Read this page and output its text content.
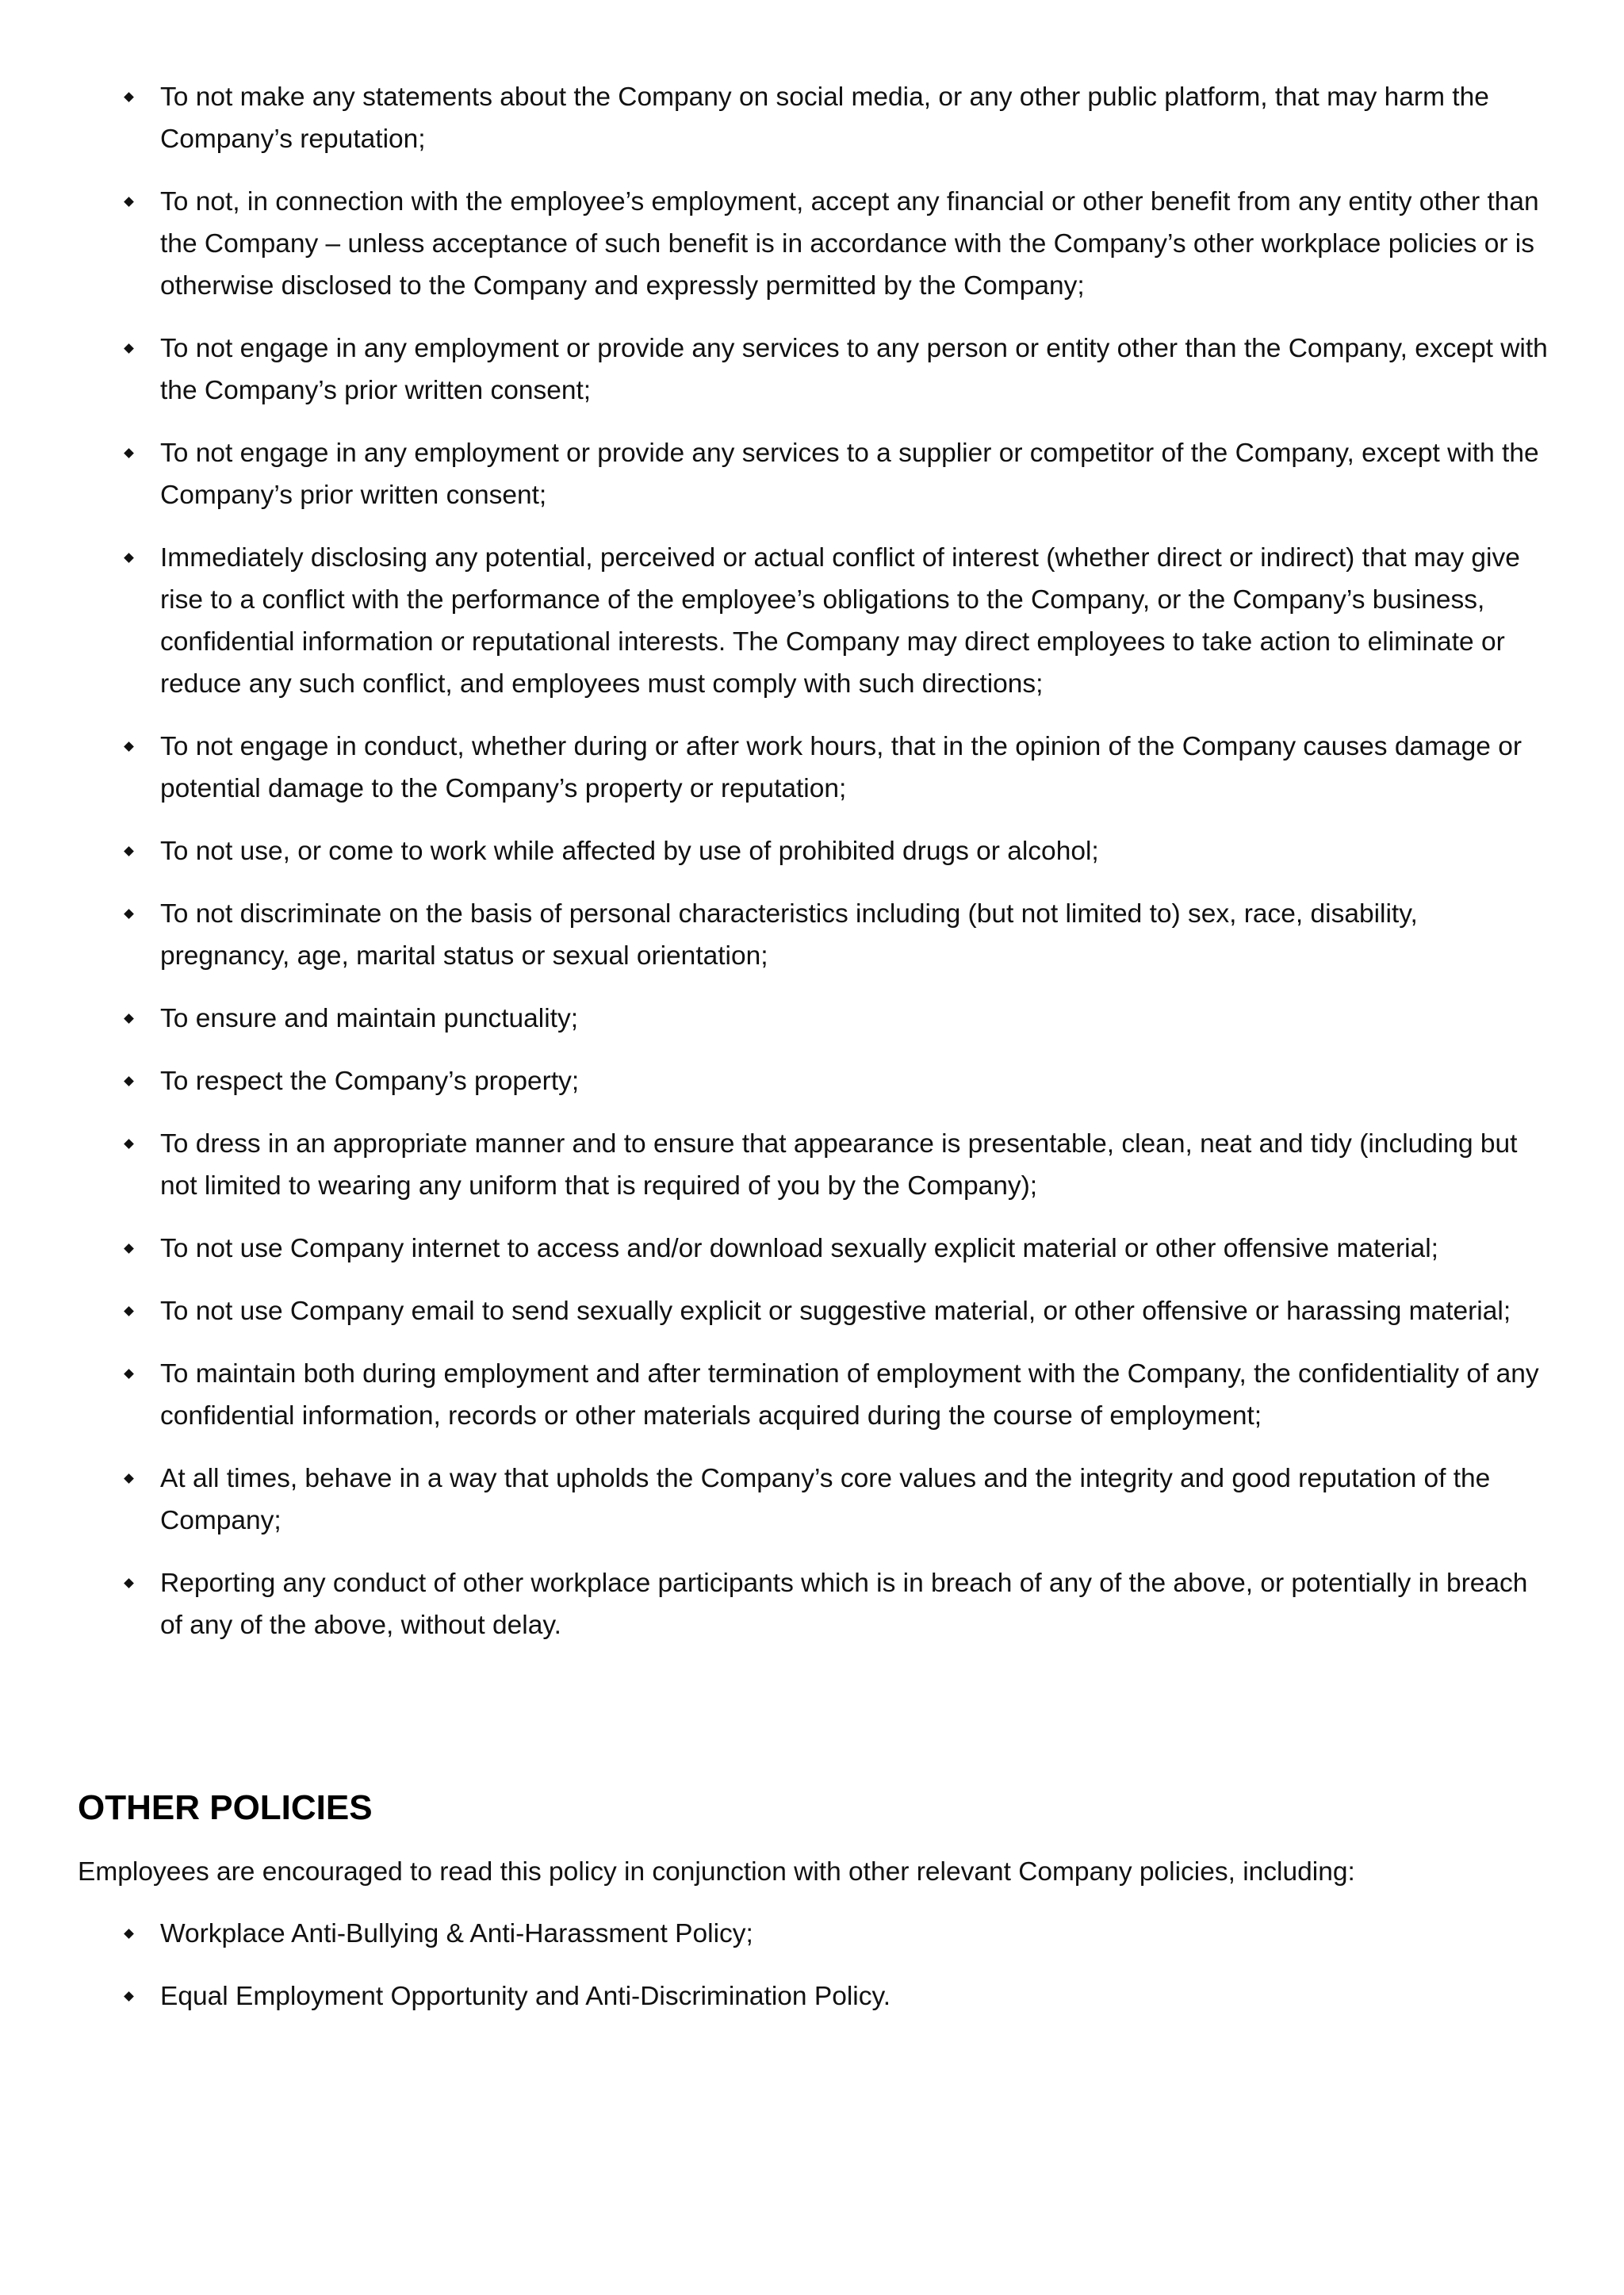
To not make any statements about the Company on social media, or any other public platform, that may harm the Company’s reputation;
To not, in connection with the employee’s employment, accept any financial or other benefit from any entity other than the Company – unless acceptance of such benefit is in accordance with the Company’s other workplace policies or is otherwise disclosed to the Company and expressly permitted by the Company;
To not engage in any employment or provide any services to any person or entity other than the Company, except with the Company’s prior written consent;
To not engage in any employment or provide any services to a supplier or competitor of the Company, except with the Company’s prior written consent;
Immediately disclosing any potential, perceived or actual conflict of interest (whether direct or indirect) that may give rise to a conflict with the performance of the employee’s obligations to the Company, or the Company’s business, confidential information or reputational interests. The Company may direct employees to take action to eliminate or reduce any such conflict, and employees must comply with such directions;
To not engage in conduct, whether during or after work hours, that in the opinion of the Company causes damage or potential damage to the Company’s property or reputation;
To not use, or come to work while affected by use of prohibited drugs or alcohol;
To not discriminate on the basis of personal characteristics including (but not limited to) sex, race, disability, pregnancy, age, marital status or sexual orientation;
To ensure and maintain punctuality;
To respect the Company’s property;
To dress in an appropriate manner and to ensure that appearance is presentable, clean, neat and tidy (including but not limited to wearing any uniform that is required of you by the Company);
To not use Company internet to access and/or download sexually explicit material or other offensive material;
To not use Company email to send sexually explicit or suggestive material, or other offensive or harassing material;
To maintain both during employment and after termination of employment with the Company, the confidentiality of any confidential information, records or other materials acquired during the course of employment;
At all times, behave in a way that upholds the Company’s core values and the integrity and good reputation of the Company;
Reporting any conduct of other workplace participants which is in breach of any of the above, or potentially in breach of any of the above, without delay.
OTHER POLICIES

Employees are encouraged to read this policy in conjunction with other relevant Company policies, including:

Workplace Anti-Bullying & Anti-Harassment Policy;
Equal Employment Opportunity and Anti-Discrimination Policy.
